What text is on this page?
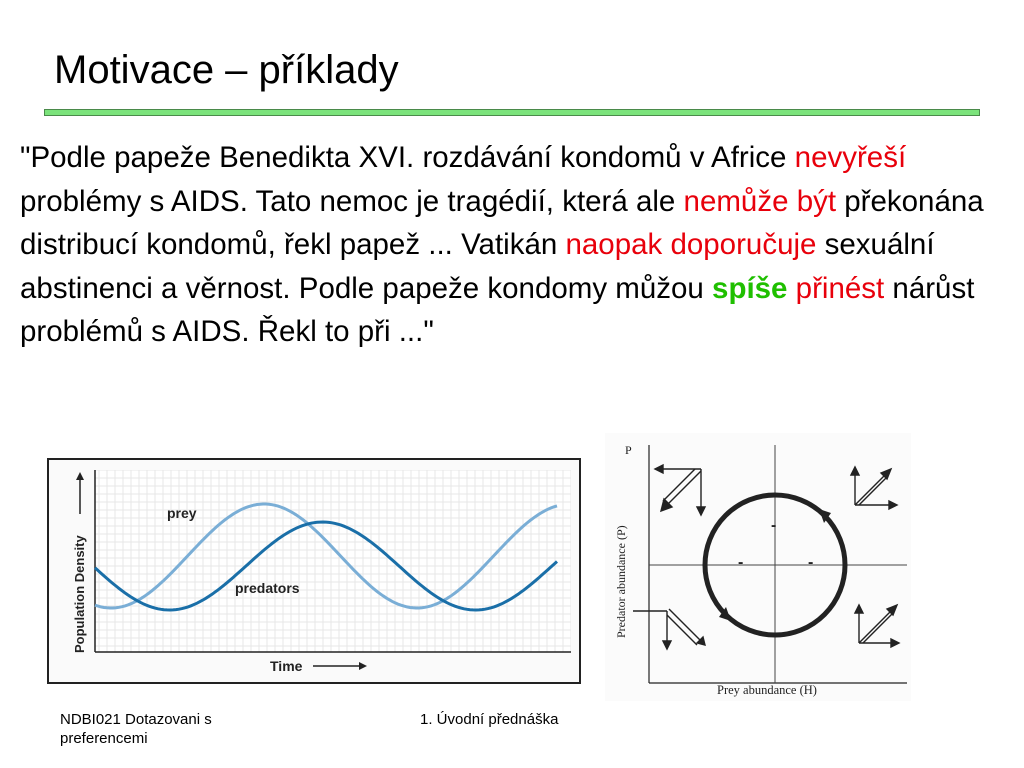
Motivace – příklady
"Podle papeže Benedikta XVI. rozdávání kondomů v Africe nevyřeší problémy s AIDS. Tato nemoc je tragédií, která ale nemůže být překonána distribucí kondomů, řekl papež ... Vatikán naopak doporučuje sexuální abstinenci a věrnost. Podle papeže kondomy můžou spíše přinést nárůst problémů s AIDS. Řekl to při ..."
prey
predators
Time
Population Density
P
Predator abundance (P)
Prey abundance (H)
-
-	-
NDBI021 Dotazovani s preferencemi
1. Úvodní přednáška
